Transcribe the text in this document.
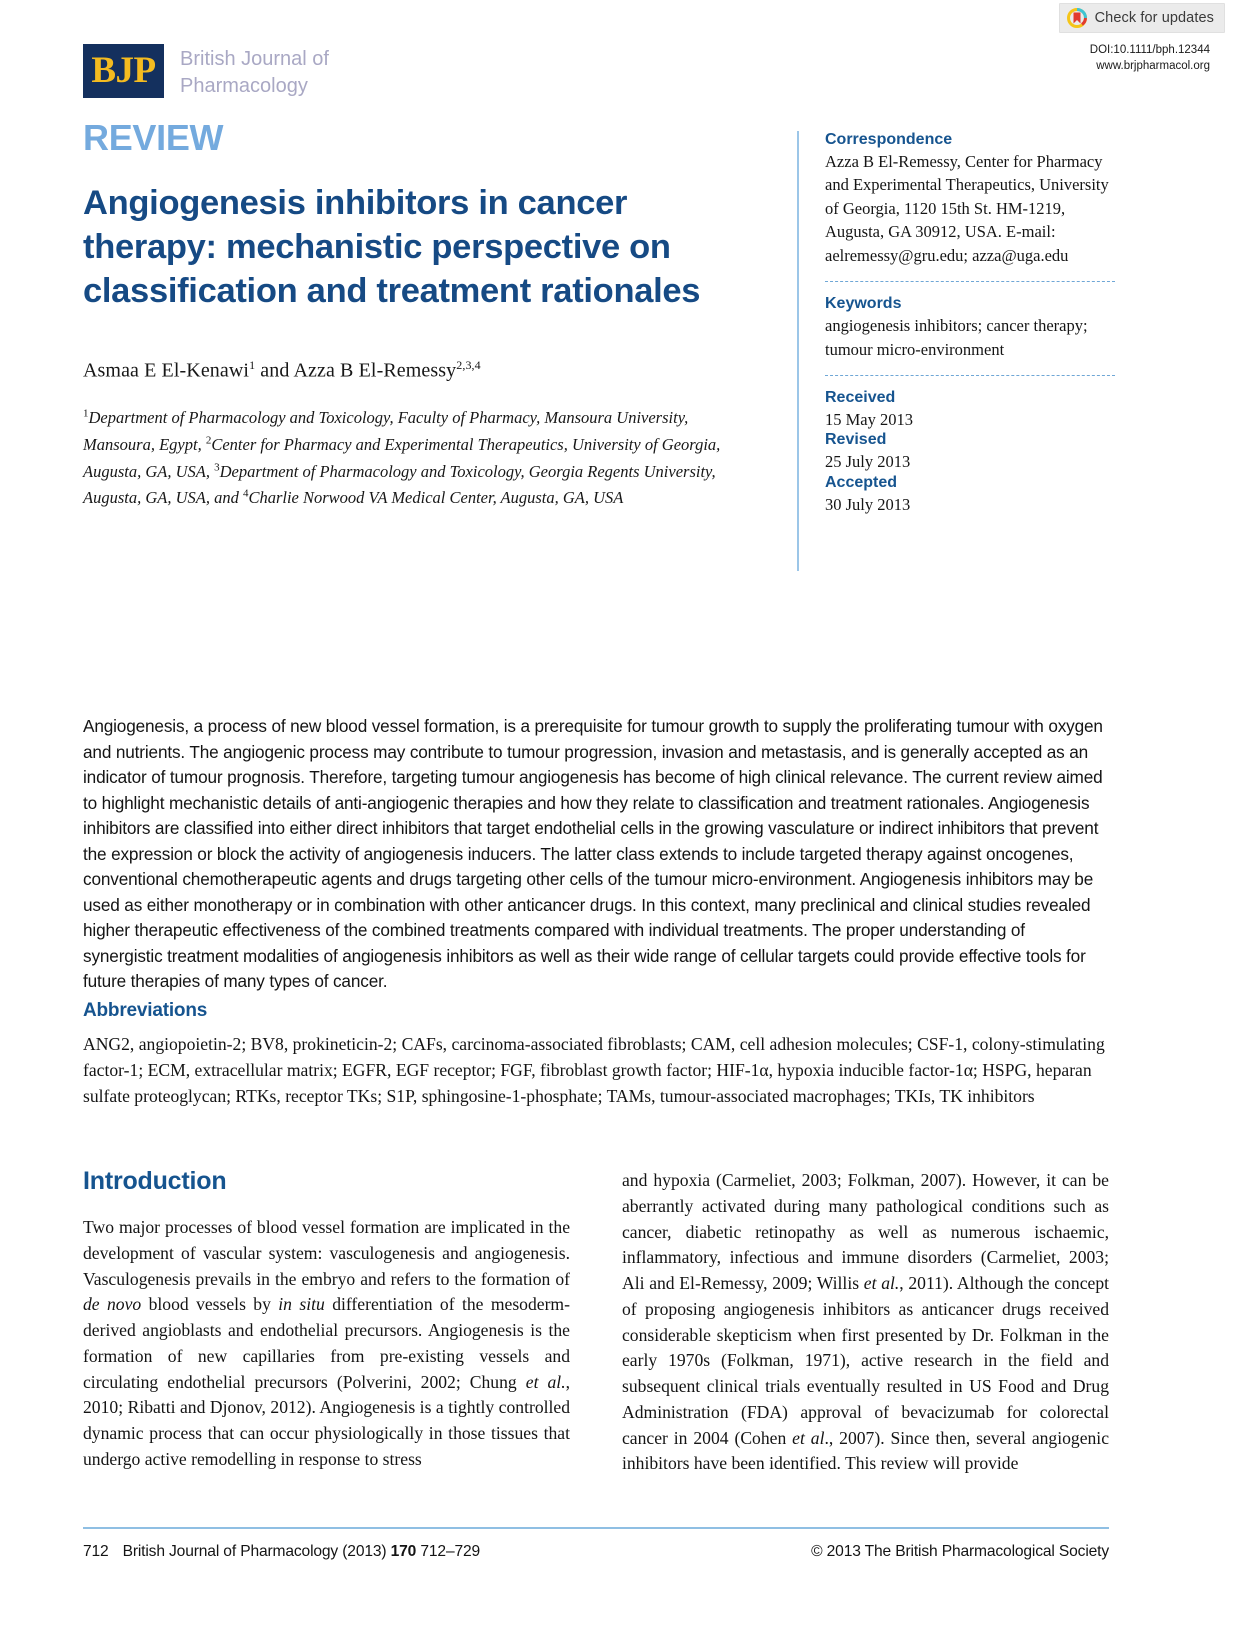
Check for updates
DOI:10.1111/bph.12344
www.brjpharmacol.org
BJP	British Journal of
Pharmacology
REVIEW
Angiogenesis inhibitors in cancer therapy: mechanistic perspective on classification and treatment rationales
Asmaa E El-Kenawi$^1$ and Azza B El-Remessy$^{2,3,4}$
$^1$Department of Pharmacology and Toxicology, Faculty of Pharmacy, Mansoura University, Mansoura, Egypt, $^2$Center for Pharmacy and Experimental Therapeutics, University of Georgia, Augusta, GA, USA, $^3$Department of Pharmacology and Toxicology, Georgia Regents University, Augusta, GA, USA, and $^4$Charlie Norwood VA Medical Center, Augusta, GA, USA
Correspondence

Azza B El-Remessy, Center for Pharmacy and Experimental Therapeutics, University of Georgia, 1120 15th St. HM-1219, Augusta, GA 30912, USA. E-mail: aelremessy@gru.edu; azza@uga.edu

Keywords

angiogenesis inhibitors; cancer therapy; tumour micro-environment

Received

15 May 2013

Revised

25 July 2013

Accepted

30 July 2013

Angiogenesis, a process of new blood vessel formation, is a prerequisite for tumour growth to supply the proliferating tumour with oxygen and nutrients. The angiogenic process may contribute to tumour progression, invasion and metastasis, and is generally accepted as an indicator of tumour prognosis. Therefore, targeting tumour angiogenesis has become of high clinical relevance. The current review aimed to highlight mechanistic details of anti-angiogenic therapies and how they relate to classification and treatment rationales. Angiogenesis inhibitors are classified into either direct inhibitors that target endothelial cells in the growing vasculature or indirect inhibitors that prevent the expression or block the activity of angiogenesis inducers. The latter class extends to include targeted therapy against oncogenes, conventional chemotherapeutic agents and drugs targeting other cells of the tumour micro-environment. Angiogenesis inhibitors may be used as either monotherapy or in combination with other anticancer drugs. In this context, many preclinical and clinical studies revealed higher therapeutic effectiveness of the combined treatments compared with individual treatments. The proper understanding of synergistic treatment modalities of angiogenesis inhibitors as well as their wide range of cellular targets could provide effective tools for future therapies of many types of cancer.
Abbreviations
ANG2, angiopoietin-2; BV8, prokineticin-2; CAFs, carcinoma-associated fibroblasts; CAM, cell adhesion molecules; CSF-1, colony-stimulating factor-1; ECM, extracellular matrix; EGFR, EGF receptor; FGF, fibroblast growth factor; HIF-1α, hypoxia inducible factor-1α; HSPG, heparan sulfate proteoglycan; RTKs, receptor TKs; S1P, sphingosine-1-phosphate; TAMs, tumour-associated macrophages; TKIs, TK inhibitors
Introduction

Two major processes of blood vessel formation are implicated in the development of vascular system: vasculogenesis and angiogenesis. Vasculogenesis prevails in the embryo and refers to the formation of de novo blood vessels by in situ differentiation of the mesoderm-derived angioblasts and endothelial precursors. Angiogenesis is the formation of new capillaries from pre-existing vessels and circulating endothelial precursors (Polverini, 2002; Chung et al., 2010; Ribatti and Djonov, 2012). Angiogenesis is a tightly controlled dynamic process that can occur physiologically in those tissues that undergo active remodelling in response to stress

and hypoxia (Carmeliet, 2003; Folkman, 2007). However, it can be aberrantly activated during many pathological conditions such as cancer, diabetic retinopathy as well as numerous ischaemic, inflammatory, infectious and immune disorders (Carmeliet, 2003; Ali and El-Remessy, 2009; Willis et al., 2011). Although the concept of proposing angiogenesis inhibitors as anticancer drugs received considerable skepticism when first presented by Dr. Folkman in the early 1970s (Folkman, 1971), active research in the field and subsequent clinical trials eventually resulted in US Food and Drug Administration (FDA) approval of bevacizumab for colorectal cancer in 2004 (Cohen et al., 2007). Since then, several angiogenic inhibitors have been identified. This review will provide

712 British Journal of Pharmacology (2013) 170 712–729	© 2013 The British Pharmacological Society
